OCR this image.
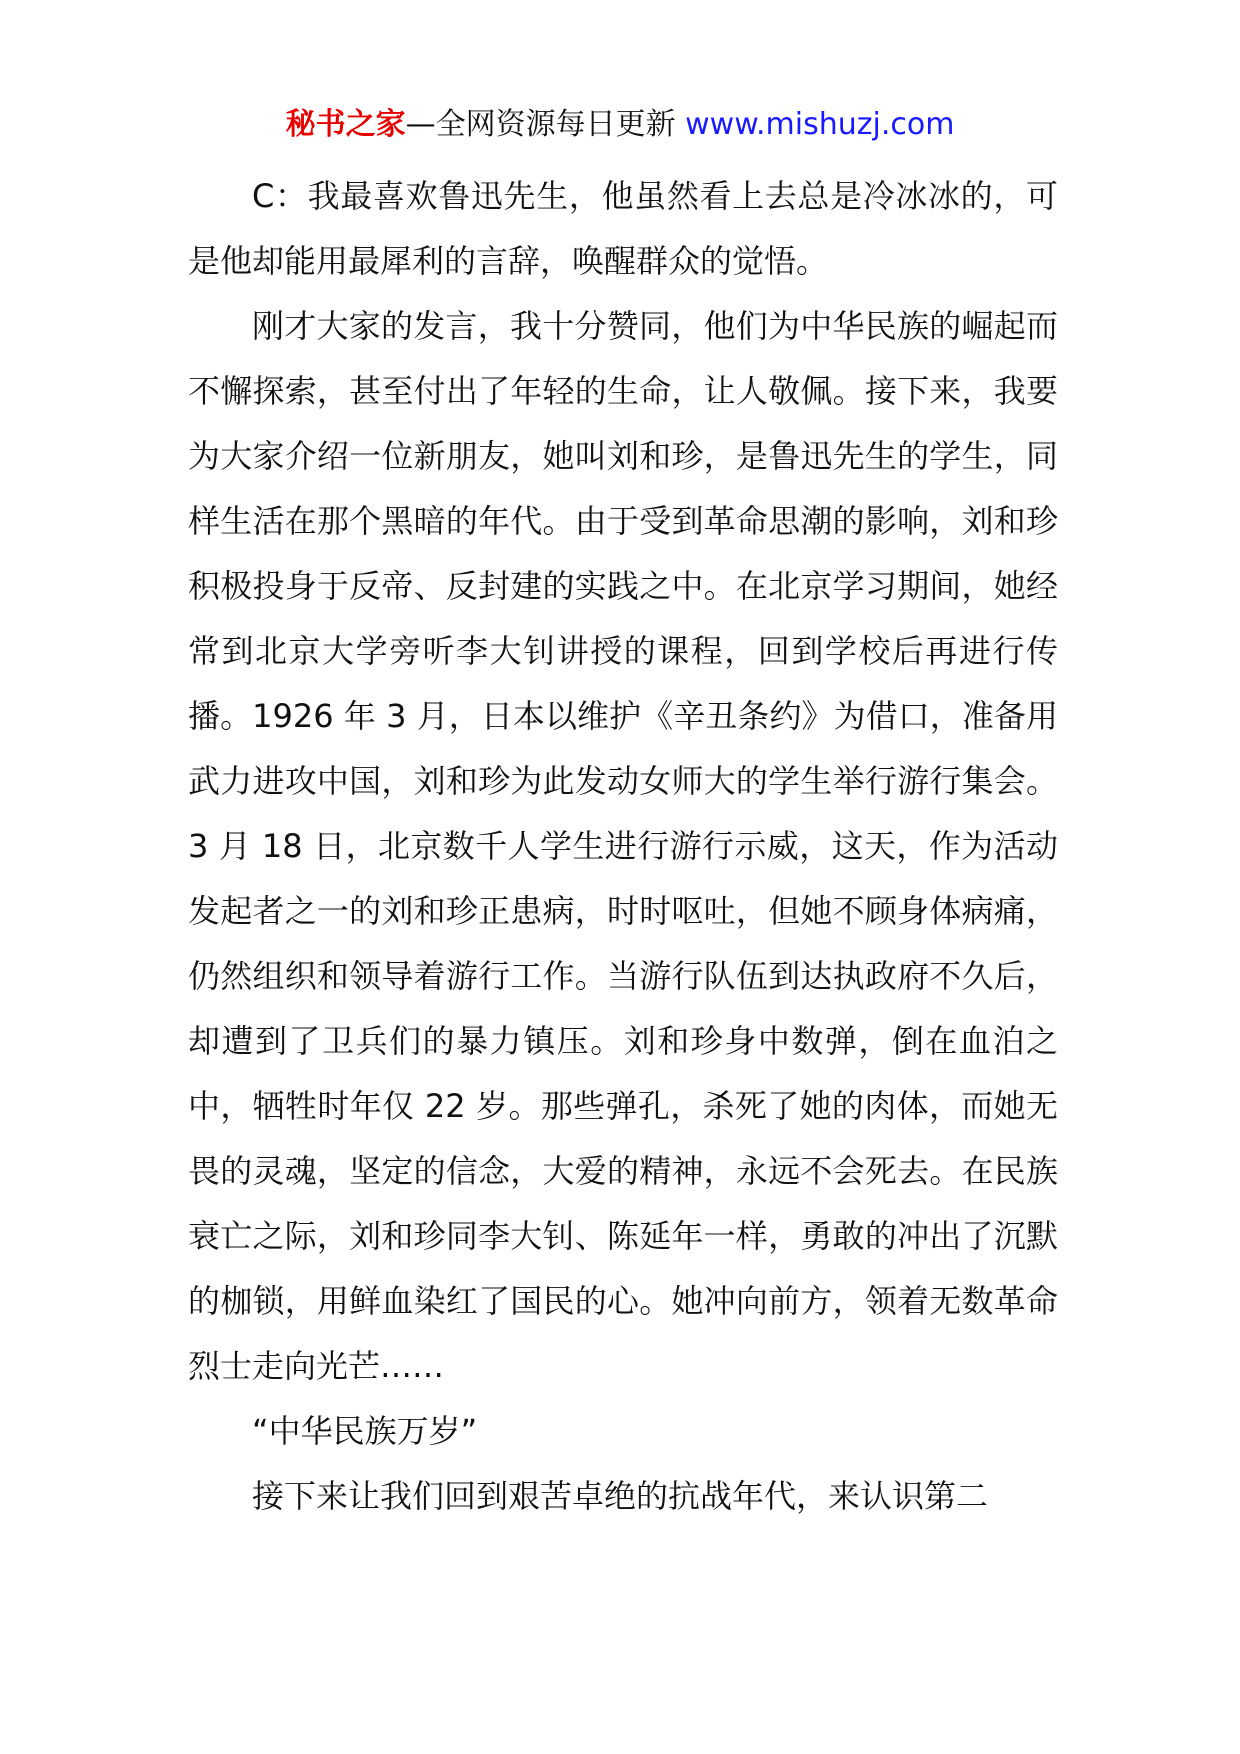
秘书之家—全网资源每日更新 www.mishuzj.com

C：我最喜欢鲁迅先生，他虽然看上去总是冷冰冰的，可是他却能用最犀利的言辞，唤醒群众的觉悟。

刚才大家的发言，我十分赞同，他们为中华民族的崛起而不懈探索，甚至付出了年轻的生命，让人敬佩。接下来，我要为大家介绍一位新朋友，她叫刘和珍，是鲁迅先生的学生，同样生活在那个黑暗的年代。由于受到革命思潮的影响，刘和珍积极投身于反帝、反封建的实践之中。在北京学习期间，她经常到北京大学旁听李大钊讲授的课程，回到学校后再进行传播。1926 年 3 月，日本以维护《辛丑条约》为借口，准备用武力进攻中国，刘和珍为此发动女师大的学生举行游行集会。3 月 18 日，北京数千人学生进行游行示威，这天，作为活动发起者之一的刘和珍正患病，时时呕吐，但她不顾身体病痛，仍然组织和领导着游行工作。当游行队伍到达执政府不久后，却遭到了卫兵们的暴力镇压。刘和珍身中数弹，倒在血泊之中，牺牲时年仅 22 岁。那些弹孔，杀死了她的肉体，而她无畏的灵魂，坚定的信念，大爱的精神，永远不会死去。在民族衰亡之际，刘和珍同李大钊、陈延年一样，勇敢的冲出了沉默的枷锁，用鲜血染红了国民的心。她冲向前方，领着无数革命烈士走向光芒……

“中华民族万岁”

接下来让我们回到艰苦卓绝的抗战年代，来认识第二
